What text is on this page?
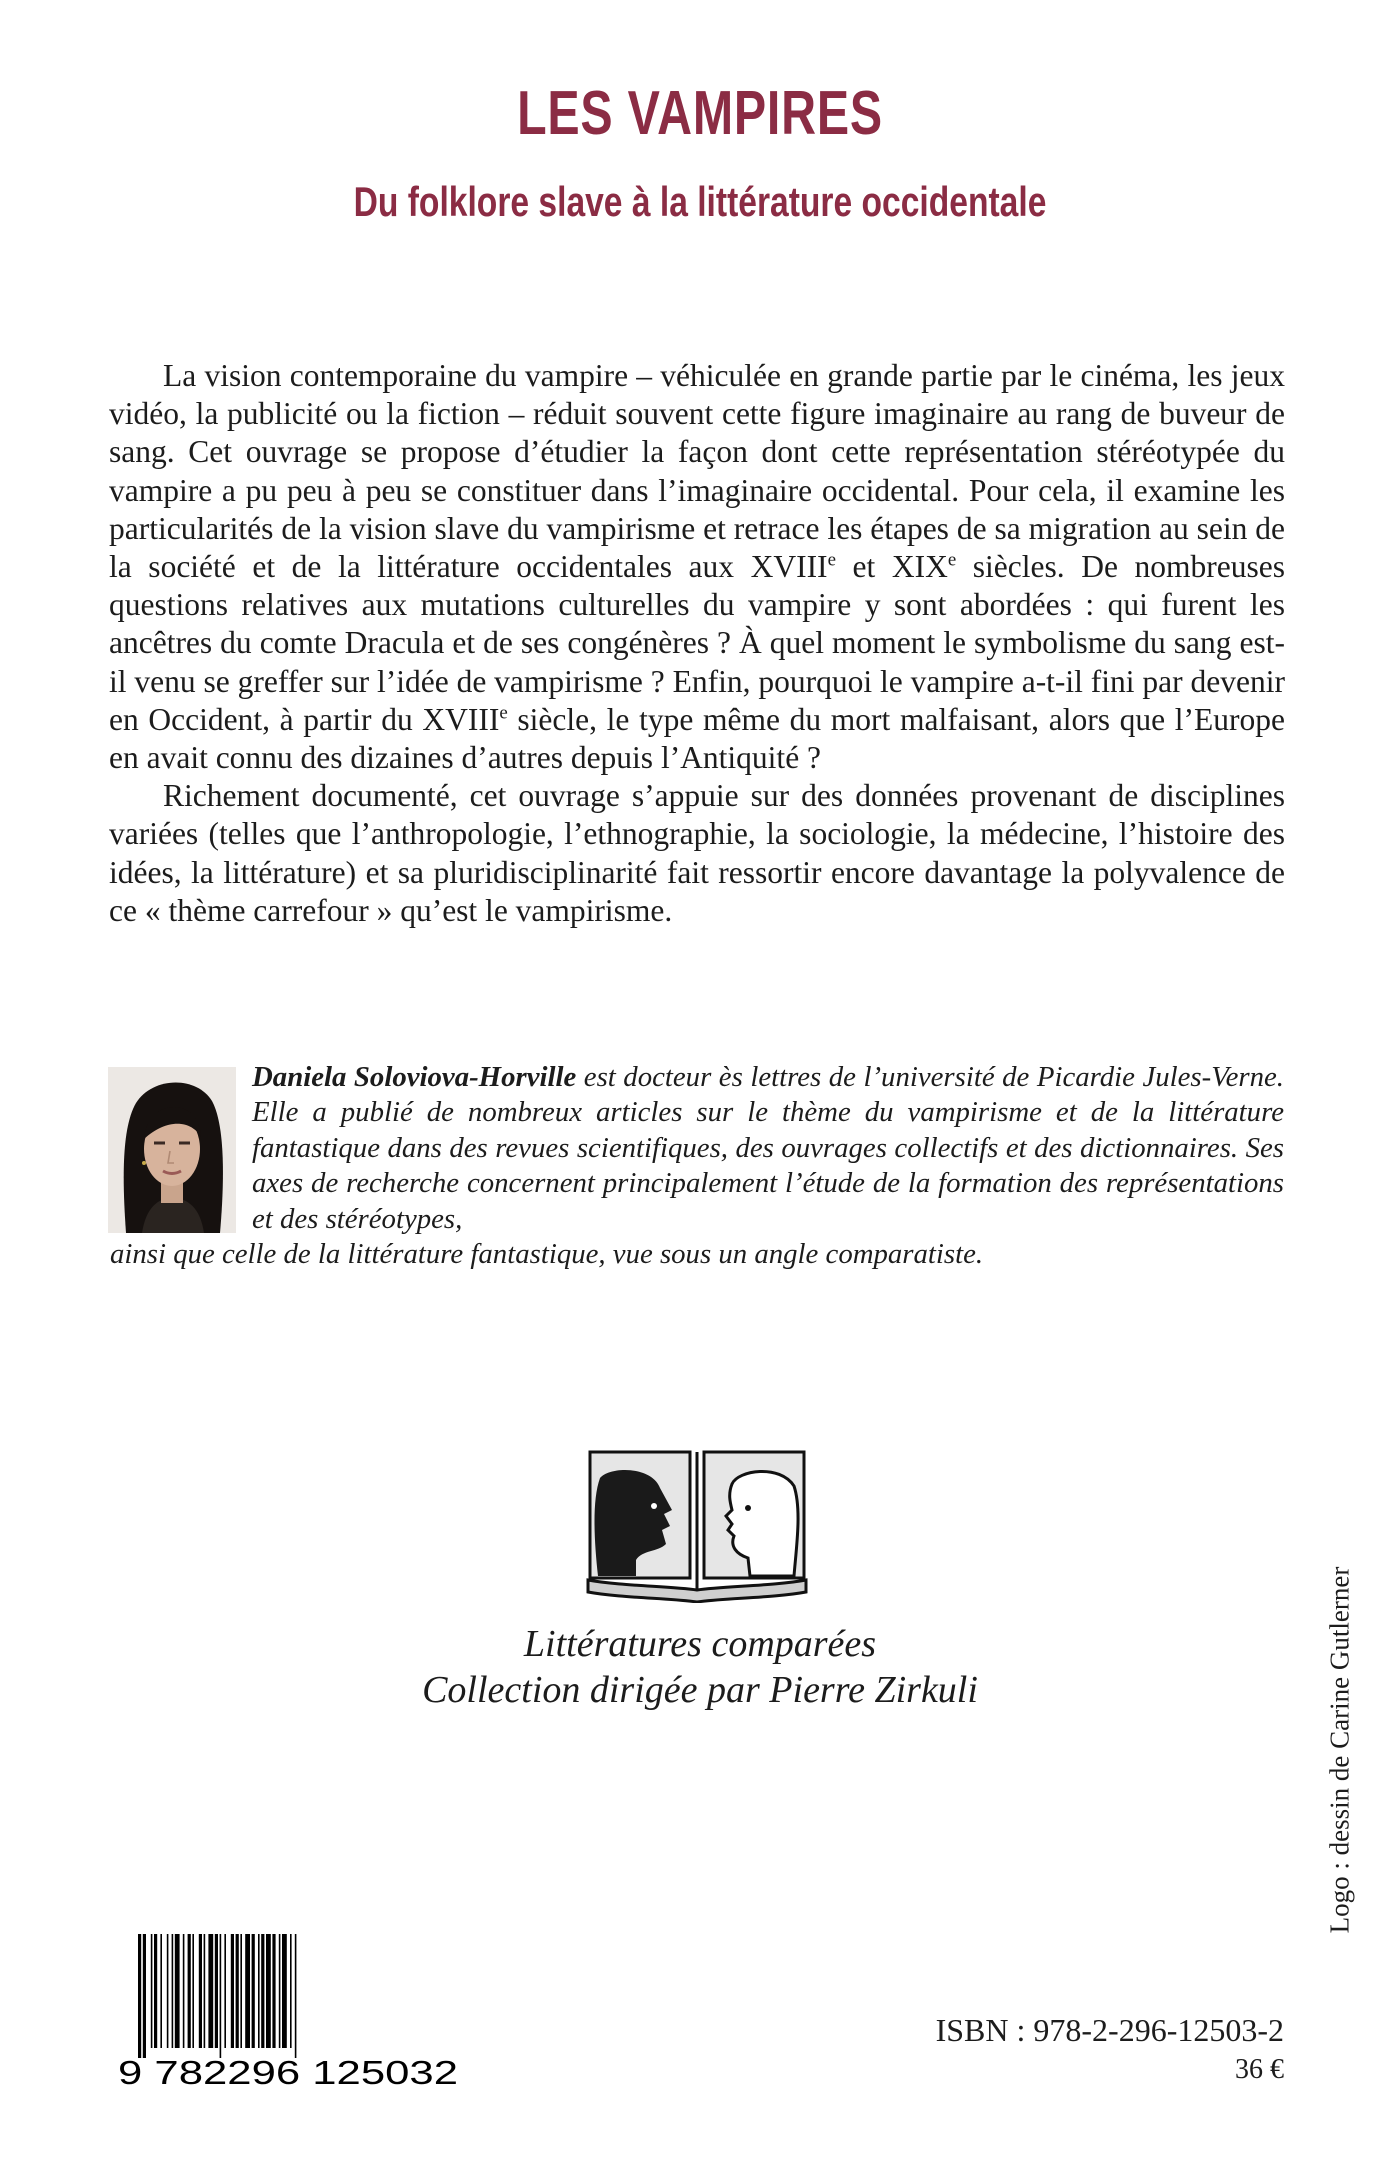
LES VAMPIRES
Du folklore slave à la littérature occidentale

La vision contemporaine du vampire – véhiculée en grande partie par le cinéma, les jeux vidéo, la publicité ou la fiction – réduit souvent cette figure imaginaire au rang de buveur de sang. Cet ouvrage se propose d’étudier la façon dont cette représentation stéréotypée du vampire a pu peu à peu se constituer dans l’imaginaire occidental. Pour cela, il examine les particularités de la vision slave du vampirisme et retrace les étapes de sa migration au sein de la société et de la littérature occidentales aux XVIIIe et XIXe siècles. De nombreuses questions relatives aux mutations culturelles du vampire y sont abordées : qui furent les ancêtres du comte Dracula et de ses congénères ? À quel moment le symbolisme du sang est-il venu se greffer sur l’idée de vampirisme ? Enfin, pourquoi le vampire a-t-il fini par devenir en Occident, à partir du XVIIIe siècle, le type même du mort malfaisant, alors que l’Europe en avait connu des dizaines d’autres depuis l’Antiquité ?

Richement documenté, cet ouvrage s’appuie sur des données provenant de disciplines variées (telles que l’anthropologie, l’ethnographie, la sociologie, la médecine, l’histoire des idées, la littérature) et sa pluridisciplinarité fait ressortir encore davantage la polyvalence de ce « thème carrefour » qu’est le vampirisme.

Daniela Soloviova-Horville est docteur ès lettres de l’université de Picardie Jules-Verne. Elle a publié de nombreux articles sur le thème du vampirisme et de la littérature fantastique dans des revues scientifiques, des ouvrages collectifs et des dictionnaires. Ses axes de recherche concernent principalement l’étude de la formation des représentations et des stéréotypes,
ainsi que celle de la littérature fantastique, vue sous un angle comparatiste.

Littératures comparées

Collection dirigée par Pierre Zirkuli	Logo : dessin de Carine Gutlerner
9 782296 125032

ISBN : 978-2-296-12503-2

36 €
